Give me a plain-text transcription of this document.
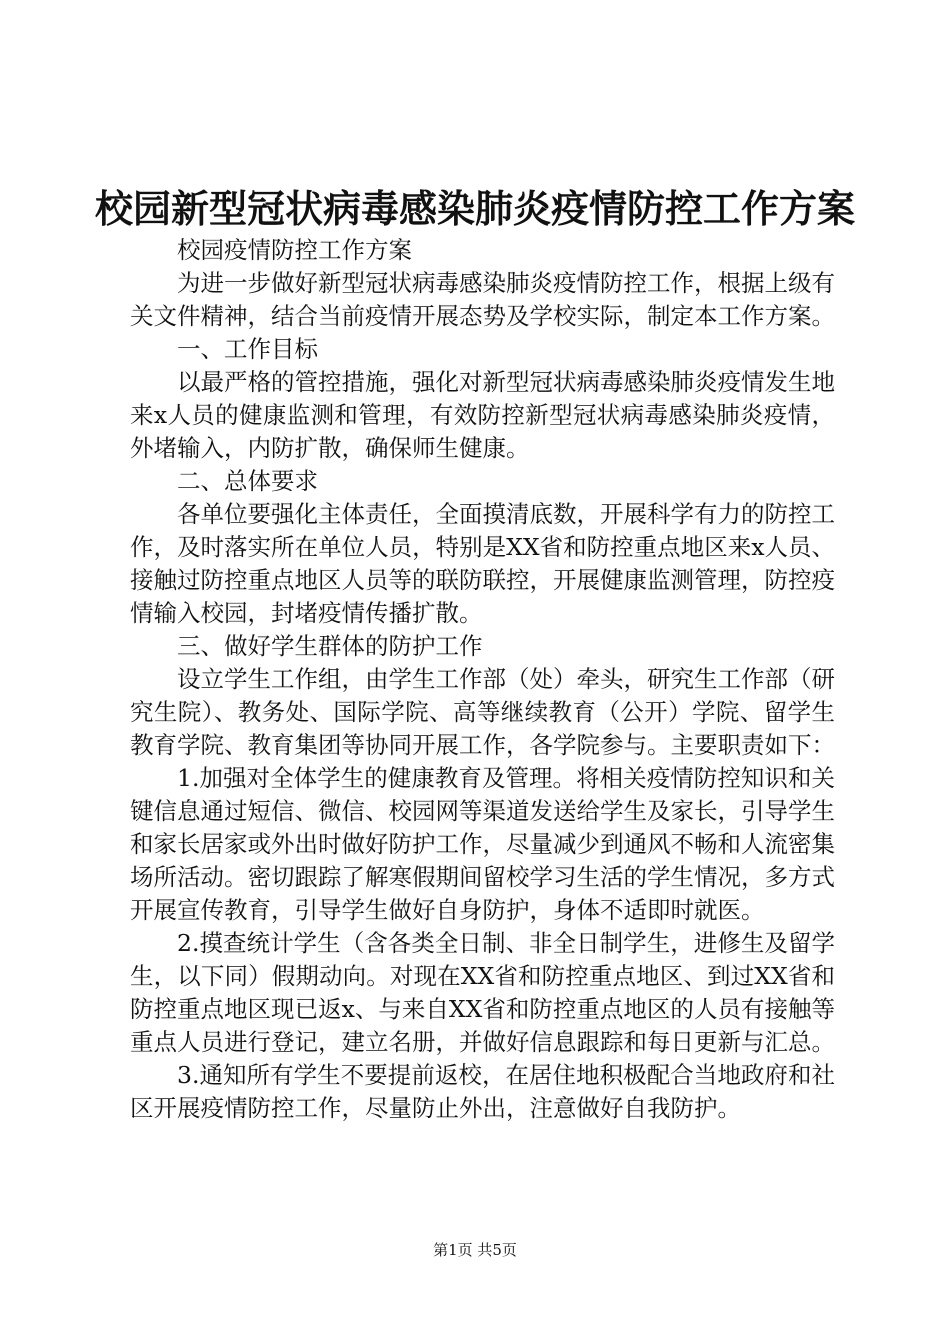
校园新型冠状病毒感染肺炎疫情防控工作方案

校园疫情防控工作方案

为进一步做好新型冠状病毒感染肺炎疫情防控工作，根据上级有关文件精神，结合当前疫情开展态势及学校实际，制定本工作方案。

一、工作目标

以最严格的管控措施，强化对新型冠状病毒感染肺炎疫情发生地来x人员的健康监测和管理，有效防控新型冠状病毒感染肺炎疫情，外堵输入，内防扩散，确保师生健康。

二、总体要求

各单位要强化主体责任，全面摸清底数，开展科学有力的防控工作，及时落实所在单位人员，特别是XX省和防控重点地区来x人员、接触过防控重点地区人员等的联防联控，开展健康监测管理，防控疫情输入校园，封堵疫情传播扩散。

三、做好学生群体的防护工作

设立学生工作组，由学生工作部（处）牵头，研究生工作部（研究生院）、教务处、国际学院、高等继续教育（公开）学院、留学生教育学院、教育集团等协同开展工作，各学院参与。主要职责如下：

1.加强对全体学生的健康教育及管理。将相关疫情防控知识和关键信息通过短信、微信、校园网等渠道发送给学生及家长，引导学生和家长居家或外出时做好防护工作，尽量减少到通风不畅和人流密集场所活动。密切跟踪了解寒假期间留校学习生活的学生情况，多方式开展宣传教育，引导学生做好自身防护，身体不适即时就医。

2.摸查统计学生（含各类全日制、非全日制学生，进修生及留学生，以下同）假期动向。对现在XX省和防控重点地区、到过XX省和防控重点地区现已返x、与来自XX省和防控重点地区的人员有接触等重点人员进行登记，建立名册，并做好信息跟踪和每日更新与汇总。

3.通知所有学生不要提前返校，在居住地积极配合当地政府和社区开展疫情防控工作，尽量防止外出，注意做好自我防护。

第1页 共5页
